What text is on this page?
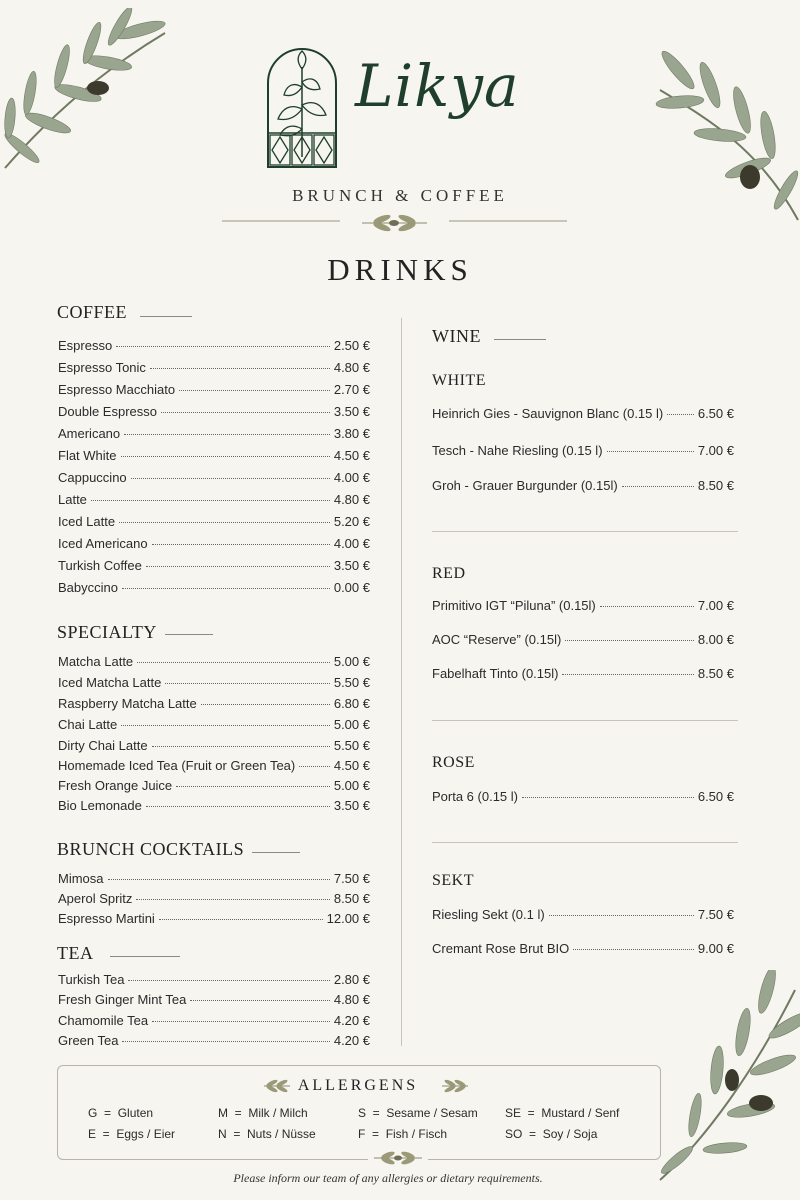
Likya
BRUNCH & COFFEE
DRINKS
COFFEE
SPECIALTY
BRUNCH COCKTAILS
TEA
Espresso	2.50 €
Espresso Tonic	4.80 €
Espresso Macchiato	2.70 €
Double Espresso	3.50 €
Americano	3.80 €
Flat White	4.50 €
Cappuccino	4.00 €
Latte	4.80 €
Iced Latte	5.20 €
Iced Americano	4.00 €
Turkish Coffee	3.50 €
Babyccino	0.00 €
Matcha Latte	5.00 €
Iced Matcha Latte	5.50 €
Raspberry Matcha Latte	6.80 €
Chai Latte	5.00 €
Dirty Chai Latte	5.50 €
Homemade Iced Tea (Fruit or Green Tea)	4.50 €
Fresh Orange Juice	5.00 €
Bio Lemonade	3.50 €
Mimosa	7.50 €
Aperol Spritz	8.50 €
Espresso Martini	12.00 €
Turkish Tea	2.80 €
Fresh Ginger Mint Tea	4.80 €
Chamomile Tea	4.20 €
Green Tea	4.20 €
WINE
WHITE
Heinrich Gies - Sauvignon Blanc (0.15 l)	6.50 €
Tesch - Nahe Riesling (0.15 l)	7.00 €
Groh - Grauer Burgunder (0.15l)	8.50 €
RED
Primitivo IGT “Piluna” (0.15l)	7.00 €
AOC “Reserve” (0.15l)	8.00 €
Fabelhaft Tinto (0.15l)	8.50 €
ROSE
Porta 6 (0.15 l)	6.50 €
SEKT
Riesling Sekt (0.1 l)	7.50 €
Cremant Rose Brut BIO	9.00 €
ALLERGENS
G  =  Gluten
E  =  Eggs / Eier
M  =  Milk / Milch
N  =  Nuts / Nüsse
S  =  Sesame / Sesam
F  =  Fish / Fisch
SE  =  Mustard / Senf
SO  =  Soy / Soja
Please inform our team of any allergies or dietary requirements.
